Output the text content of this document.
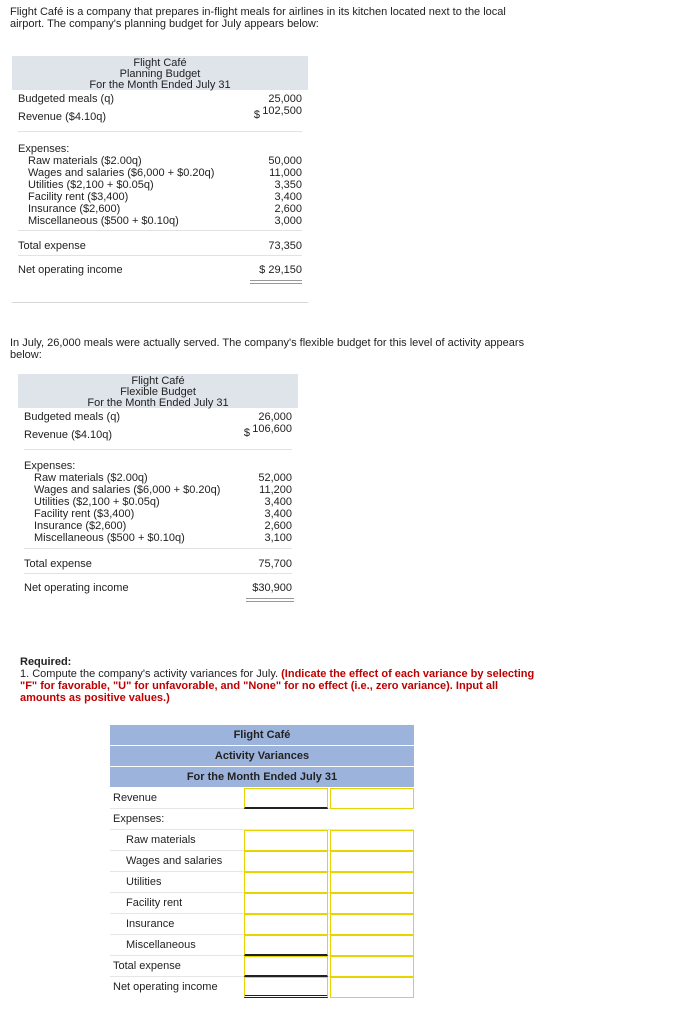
Flight Café is a company that prepares in-flight meals for airlines in its kitchen located next to the local airport. The company's planning budget for July appears below:
Flight Café
Planning Budget
For the Month Ended July 31
Budgeted meals (q)	25,000
Revenue ($4.10q)	$ 102,500
Expenses:
Raw materials ($2.00q)	50,000
Wages and salaries ($6,000 + $0.20q)	11,000
Utilities ($2,100 + $0.05q)	3,350
Facility rent ($3,400)	3,400
Insurance ($2,600)	2,600
Miscellaneous ($500 + $0.10q)	3,000
Total expense	73,350
Net operating income	$ 29,150
In July, 26,000 meals were actually served. The company's flexible budget for this level of activity appears below:
Flight Café
Flexible Budget
For the Month Ended July 31
Budgeted meals (q)	26,000
Revenue ($4.10q)	$ 106,600
Expenses:
Raw materials ($2.00q)	52,000
Wages and salaries ($6,000 + $0.20q)	11,200
Utilities ($2,100 + $0.05q)	3,400
Facility rent ($3,400)	3,400
Insurance ($2,600)	2,600
Miscellaneous ($500 + $0.10q)	3,100
Total expense	75,700
Net operating income	$30,900
Required:
1. Compute the company's activity variances for July. (Indicate the effect of each variance by selecting "F" for favorable, "U" for unfavorable, and "None" for no effect (i.e., zero variance). Input all amounts as positive values.)
Flight Café
Activity Variances
For the Month Ended July 31
Revenue
Expenses:
Raw materials
Wages and salaries
Utilities
Facility rent
Insurance
Miscellaneous
Total expense
Net operating income
